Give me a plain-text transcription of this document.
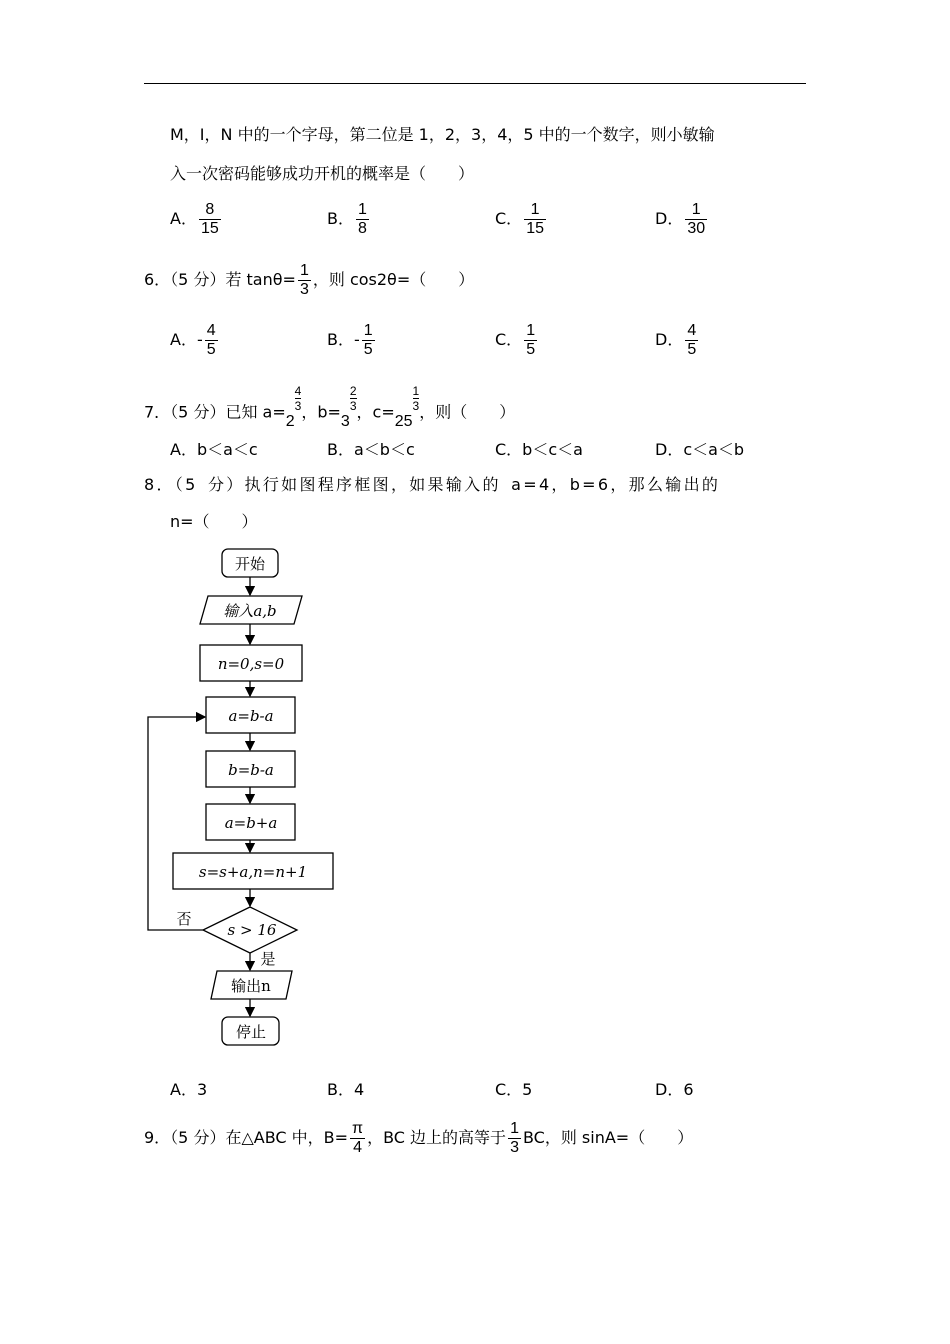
M，I，N 中的一个字母，第二位是 1，2，3，4，5 中的一个数字，则小敏输
入一次密码能够成功开机的概率是（　　）
A． $\frac{8}{15}$	B． $\frac{1}{8}$	C． $\frac{1}{15}$	D． $\frac{1}{30}$
6．（5 分）若 $\tan\theta= \frac{1}{3}$ ，则 cos2θ=（　　）
A．- $\frac{4}{5}$	B．- $\frac{1}{5}$	C． $\frac{1}{5}$	D． $\frac{4}{5}$
7．（5 分）已知 a=2
$\frac{4}{3}$ ，b=3
$\frac{2}{3}$ ，c=25
$\frac{1}{3}$ ，则（　　）
A．b＜a＜c	B．a＜b＜c	C．b＜c＜a	D．c＜a＜b
8．（5 分）执行如图程序框图，如果输入的 a=4，b=6，那么输出的
n=（　　）
开始
输入a,b
n=0,s=0
a=b-a
b=b-a
a=b+a
s=s+a,n=n+1
s > 16
否
是
输出n
停止
A．3	B．4	C．5	D．6
9．（5 分）在△ABC 中，$B= \frac{\pi}{4}$ ，BC 边上的高等于 $\frac{1}{3}$ BC，则 sinA=（　　）
